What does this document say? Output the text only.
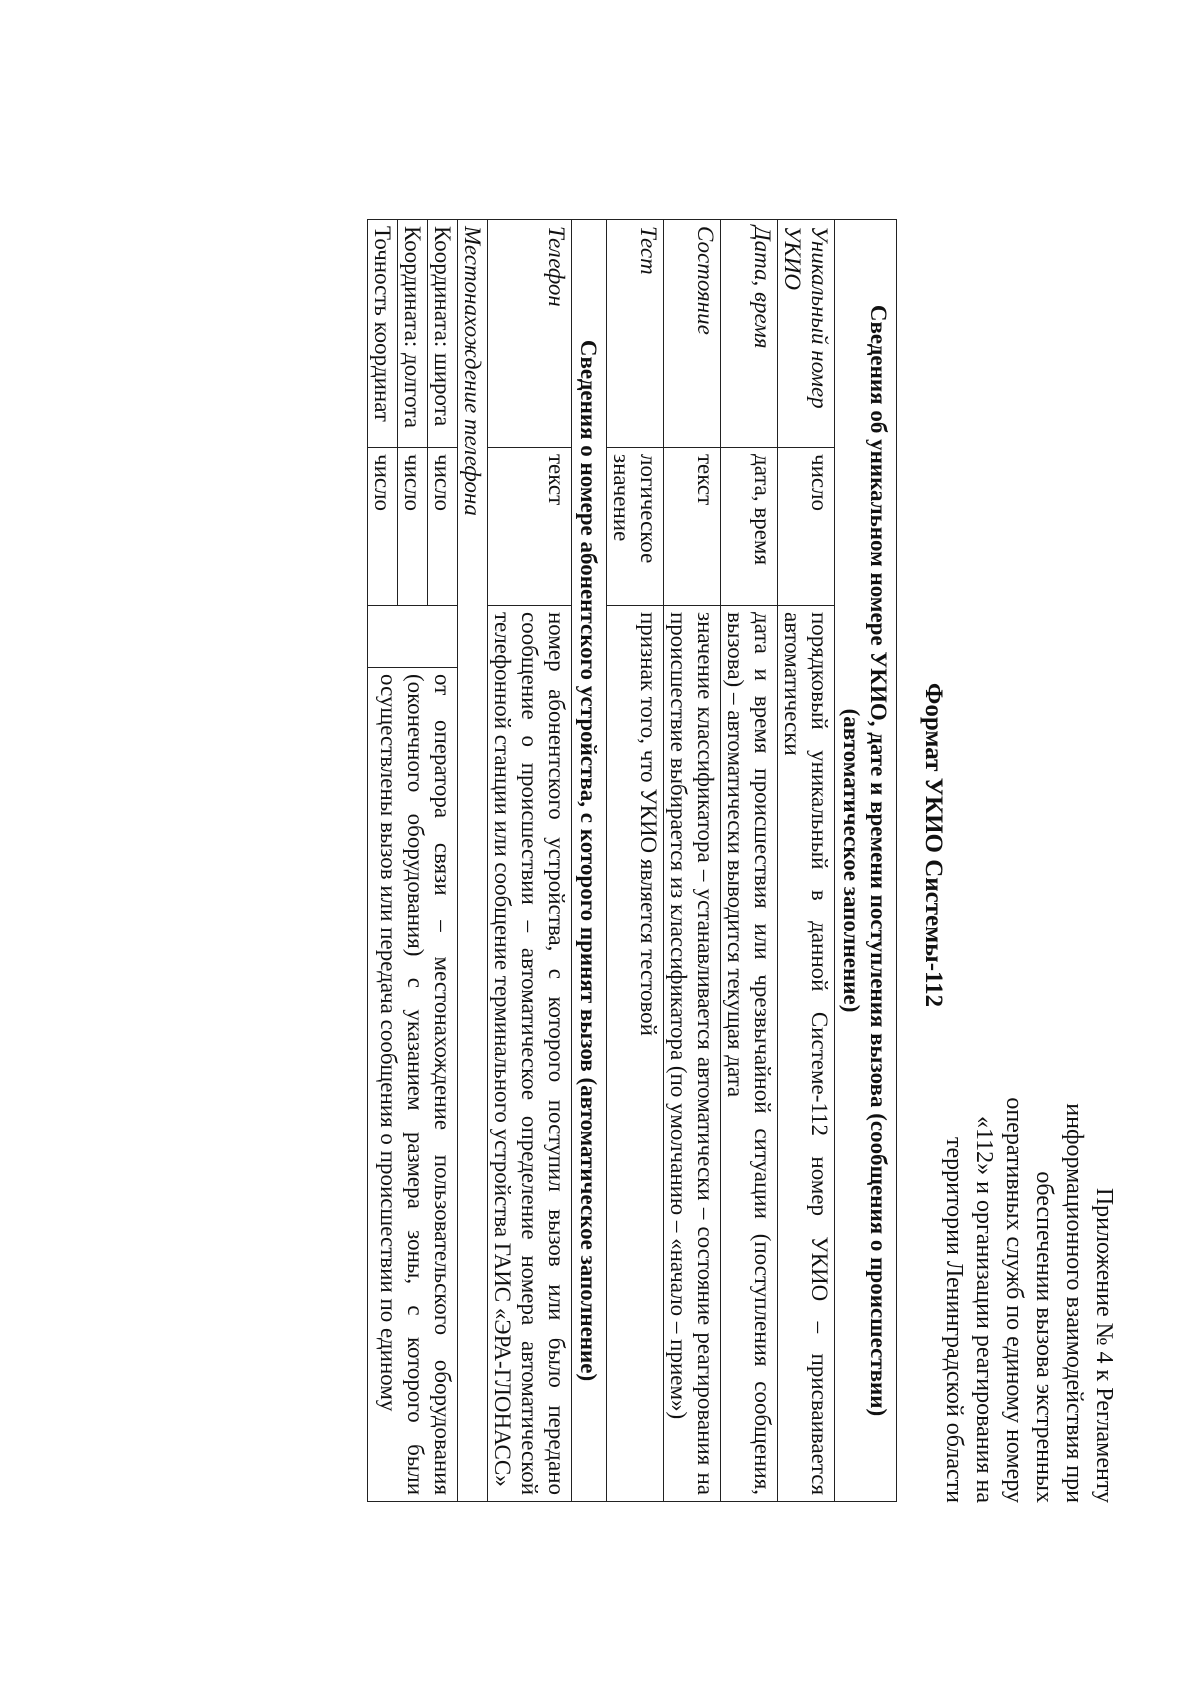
Приложение № 4 к Регламенту
информационного взаимодействия при
обеспечении вызова экстренных
оперативных служб по единому номеру
«112» и организации реагирования на
территории Ленинградской области
Формат УКИО Системы-112
Сведения об уникальном номере УКИО, дате и времени поступления вызова (сообщения о происшествии) (автоматическое заполнение)			
Уникальный номер УКИО	число	порядковый уникальный в данной Системе-112 номер УКИО – присваивается автоматически	
Дата, время	дата, время	дата и время происшествия или чрезвычайной ситуации (поступления сообщения, вызова) – автоматически выводится текущая дата	
Состояние	текст	значение классификатора – устанавливается автоматически – состояние реагирования на происшествие выбирается из классификатора (по умолчанию – «начало – прием»)	
Тест	логическое значение	признак того, что УКИО является тестовой	
Сведения о номере абонентского устройства, с которого принят вызов (автоматическое заполнение)			
Телефон	текст	номер абонентского устройства, с которого поступил вызов или было передано сообщение о происшествии – автоматическое определение номера автоматической телефонной станции или сообщение терминального устройства ГАИС «ЭРА-ГЛОНАСС»	
Местонахождение телефона			
Координата: широта	число		от оператора связи – местонахождение пользовательского оборудования (оконечного оборудования) с указанием размера зоны, с которого были осуществлены вызов или передача сообщения о происшествии по единому
Координата: долгота	число		
Точность координат	число		
